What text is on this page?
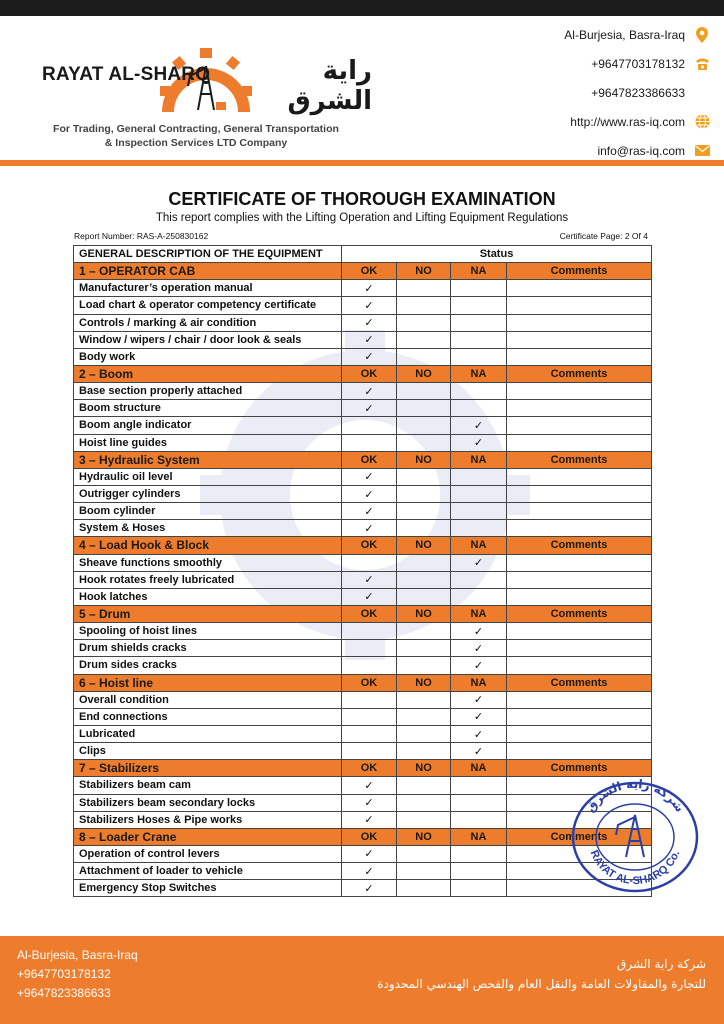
RAYAT AL-SHARQ	راية الشرق
For Trading, General Contracting, General Transportation
& Inspection Services LTD Company
Al-Burjesia, Basra-Iraq
+9647703178132
+9647823386633
http://www.ras-iq.com
info@ras-iq.com
CERTIFICATE OF THOROUGH EXAMINATION
This report complies with the Lifting Operation and Lifting Equipment Regulations
Report Number: RAS-A-250830162	Certificate Page: 2 Of 4
GENERAL DESCRIPTION OF THE EQUIPMENT	Status			
1 – OPERATOR CAB	OK	NO	NA	Comments
Manufacturer’s operation manual	✓			
Load chart & operator competency certificate	✓			
Controls / marking & air condition	✓			
Window / wipers / chair / door look & seals	✓			
Body work	✓			
2 – Boom	OK	NO	NA	Comments
Base section properly attached	✓			
Boom structure	✓			
Boom angle indicator			✓	
Hoist line guides			✓	
3 – Hydraulic System	OK	NO	NA	Comments
Hydraulic oil level	✓			
Outrigger cylinders	✓			
Boom cylinder	✓			
System & Hoses	✓			
4 – Load Hook & Block	OK	NO	NA	Comments
Sheave functions smoothly			✓	
Hook rotates freely lubricated	✓			
Hook latches	✓			
5 – Drum	OK	NO	NA	Comments
Spooling of hoist lines			✓	
Drum shields cracks			✓	
Drum sides cracks			✓	
6 – Hoist line	OK	NO	NA	Comments
Overall condition			✓	
End connections			✓	
Lubricated			✓	
Clips			✓	
7 – Stabilizers	OK	NO	NA	Comments
Stabilizers beam cam	✓			
Stabilizers beam secondary locks	✓			
Stabilizers Hoses & Pipe works	✓			
8 – Loader Crane	OK	NO	NA	Comments
Operation of control levers	✓			
Attachment of loader to vehicle	✓			
Emergency Stop Switches	✓			
شركة راية الشرق
RAYAT AL-SHARQ Co.
Al-Burjesia, Basra-Iraq
+9647703178132
+9647823386633
شركة راية الشرق
للتجارة والمقاولات العامة والنقل العام والفحص الهندسي المحدودة
